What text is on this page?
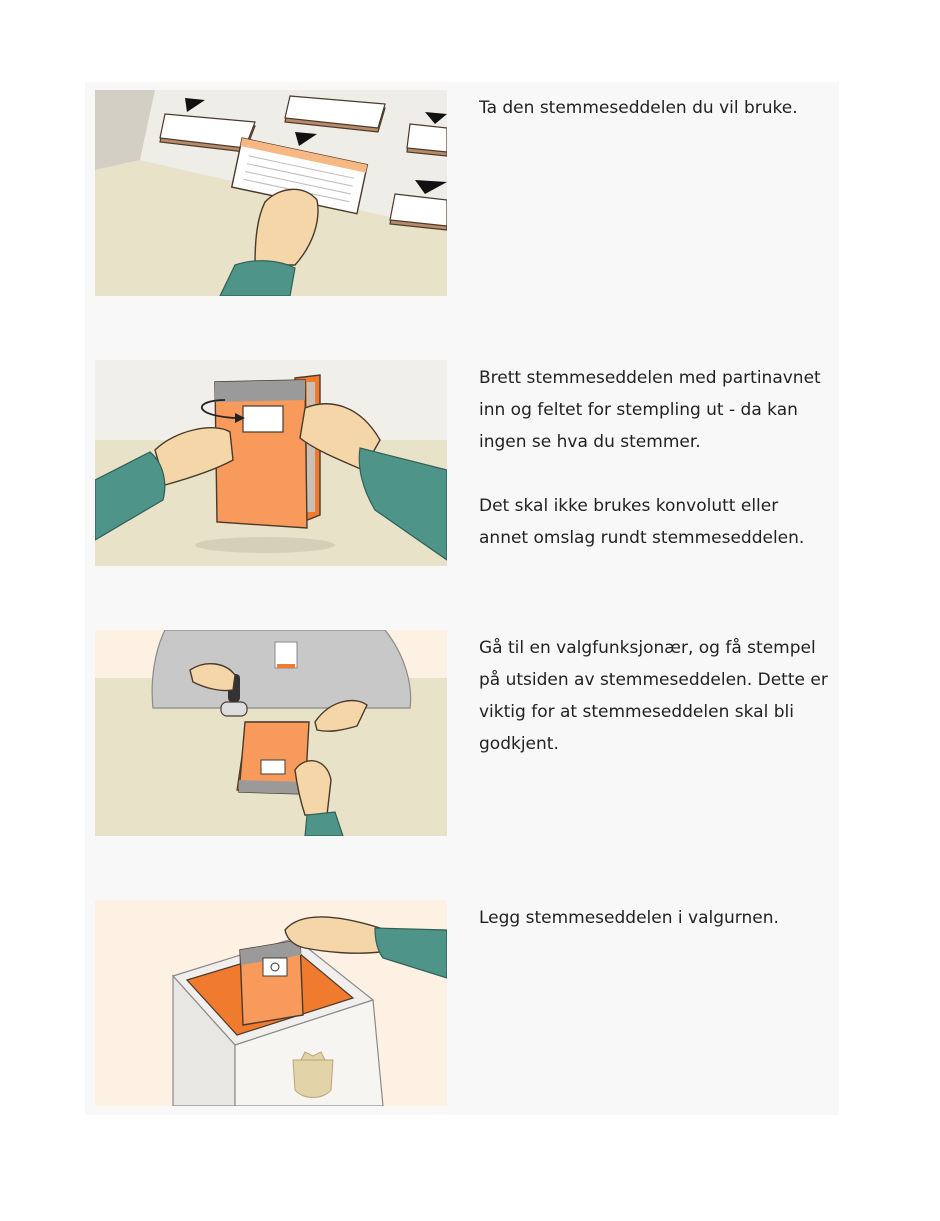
Ta den stemmeseddelen du vil bruke.

Brett stemmeseddelen med partinavnet inn og feltet for stempling ut - da kan ingen se hva du stemmer.

Det skal ikke brukes konvolutt eller annet omslag rundt stemmeseddelen.

Gå til en valgfunksjonær, og få stempel på utsiden av stemmeseddelen. Dette er viktig for at stemmeseddelen skal bli godkjent.

Legg stemmeseddelen i valgurnen.
